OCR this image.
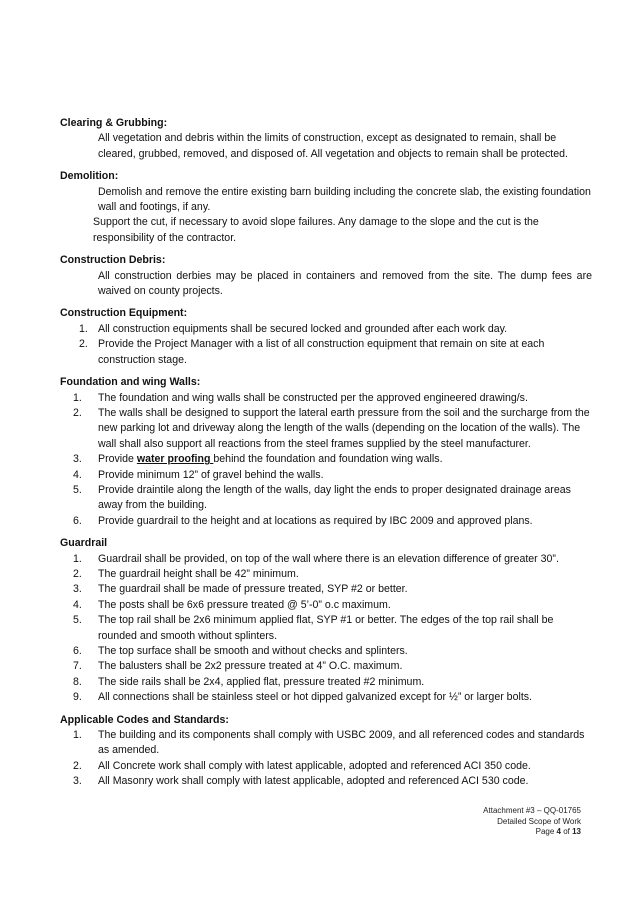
Clearing & Grubbing:
All vegetation and debris within the limits of construction, except as designated to remain, shall be cleared, grubbed, removed, and disposed of. All vegetation and objects to remain shall be protected.
Demolition:
Demolish and remove the entire existing barn building including the concrete slab, the existing foundation wall and footings, if any.
Support the cut, if necessary to avoid slope failures. Any damage to the slope and the cut is the responsibility of the contractor.
Construction Debris:
All construction derbies may be placed in containers and removed from the site. The dump fees are waived on county projects.
Construction Equipment:
1. All construction equipments shall be secured locked and grounded after each work day.
2. Provide the Project Manager with a list of all construction equipment that remain on site at each construction stage.
Foundation and wing Walls:
1. The foundation and wing walls shall be constructed per the approved engineered drawing/s.
2. The walls shall be designed to support the lateral earth pressure from the soil and the surcharge from the new parking lot and driveway along the length of the walls (depending on the location of the walls). The wall shall also support all reactions from the steel frames supplied by the steel manufacturer.
3. Provide water proofing behind the foundation and foundation wing walls.
4. Provide minimum 12” of gravel behind the walls.
5. Provide draintile along the length of the walls, day light the ends to proper designated drainage areas away from the building.
6. Provide guardrail to the height and at locations as required by IBC 2009 and approved plans.
Guardrail
1. Guardrail shall be provided, on top of the wall where there is an elevation difference of greater 30”.
2. The guardrail height shall be 42” minimum.
3. The guardrail shall be made of pressure treated, SYP #2 or better.
4. The posts shall be 6x6 pressure treated @ 5’-0” o.c maximum.
5. The top rail shall be 2x6 minimum applied flat, SYP #1 or better. The edges of the top rail shall be rounded and smooth without splinters.
6. The top surface shall be smooth and without checks and splinters.
7. The balusters shall be 2x2 pressure treated at 4” O.C. maximum.
8. The side rails shall be 2x4, applied flat, pressure treated #2 minimum.
9. All connections shall be stainless steel or hot dipped galvanized except for ½” or larger bolts.
Applicable Codes and Standards:
1. The building and its components shall comply with USBC 2009, and all referenced codes and standards as amended.
2. All Concrete work shall comply with latest applicable, adopted and referenced ACI 350 code.
3. All Masonry work shall comply with latest applicable, adopted and referenced ACI 530 code.
Attachment #3 – QQ-01765
Detailed Scope of Work
Page 4 of 13
